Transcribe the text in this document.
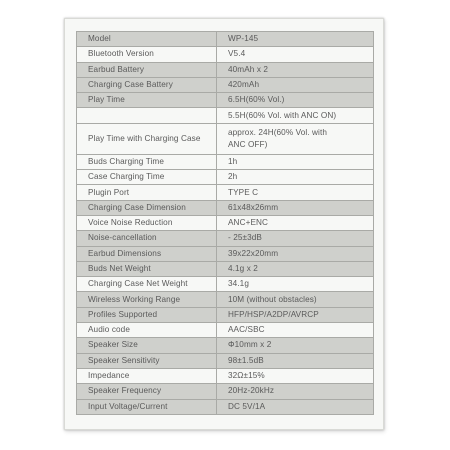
Model	WP-145

Bluetooth Version	V5.4

Earbud Battery	40mAh x 2

Charging Case Battery	420mAh

Play Time	6.5H(60% Vol.)

	5.5H(60% Vol. with ANC ON)

Play Time with Charging Case	approx. 24H(60% Vol. with
ANC OFF)

Buds Charging Time	1h

Case Charging Time	2h

Plugin Port	TYPE C

Charging Case Dimension	61x48x26mm

Voice Noise Reduction	ANC+ENC

Noise-cancellation	- 25±3dB

Earbud Dimensions	39x22x20mm

Buds Net Weight	4.1g x 2

Charging Case Net Weight	34.1g

Wireless Working Range	10M (without obstacles)

Profiles Supported	HFP/HSP/A2DP/AVRCP

Audio code	AAC/SBC

Speaker Size	Φ10mm x 2

Speaker Sensitivity	98±1.5dB

Impedance	32Ω±15%

Speaker Frequency	20Hz-20kHz

Input Voltage/Current	DC 5V/1A
